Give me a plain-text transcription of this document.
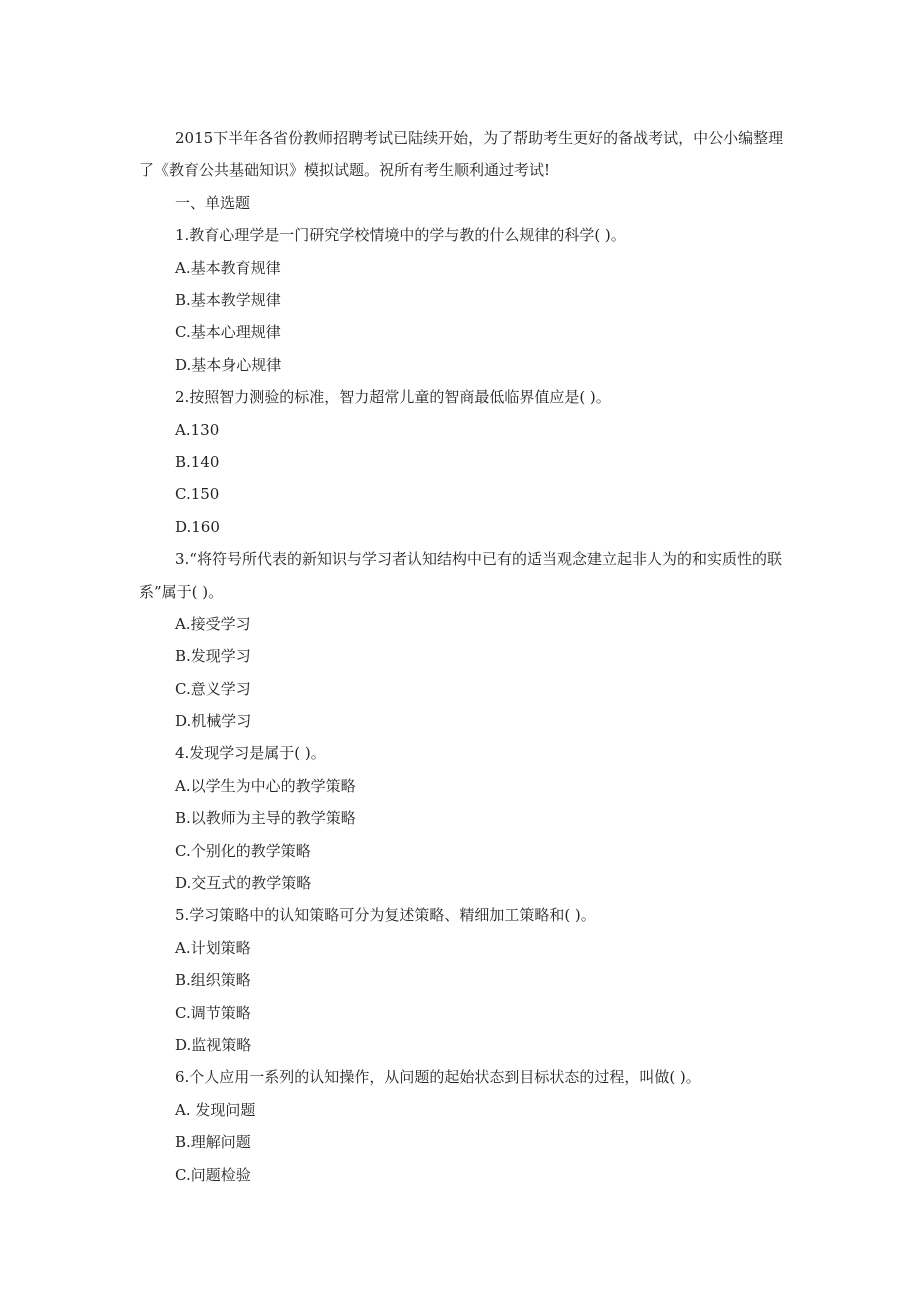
2015下半年各省份教师招聘考试已陆续开始，为了帮助考生更好的备战考试，中公小编整理了《教育公共基础知识》模拟试题。祝所有考生顺利通过考试!
一、单选题
1.教育心理学是一门研究学校情境中的学与教的什么规律的科学( )。
A.基本教育规律
B.基本教学规律
C.基本心理规律
D.基本身心规律
2.按照智力测验的标准，智力超常儿童的智商最低临界值应是( )。
A.130
B.140
C.150
D.160
3.“将符号所代表的新知识与学习者认知结构中已有的适当观念建立起非人为的和实质性的联系”属于( )。
A.接受学习
B.发现学习
C.意义学习
D.机械学习
4.发现学习是属于( )。
A.以学生为中心的教学策略
B.以教师为主导的教学策略
C.个别化的教学策略
D.交互式的教学策略
5.学习策略中的认知策略可分为复述策略、精细加工策略和( )。
A.计划策略
B.组织策略
C.调节策略
D.监视策略
6.个人应用一系列的认知操作，从问题的起始状态到目标状态的过程，叫做( )。
A. 发现问题
B.理解问题
C.问题检验
